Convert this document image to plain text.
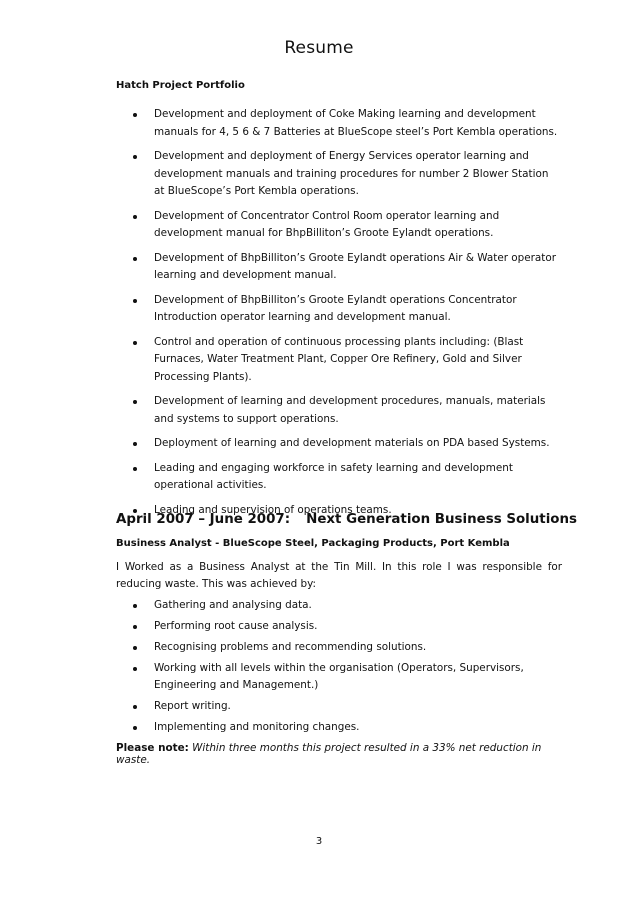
Resume
Hatch Project Portfolio
Development and deployment of Coke Making learning and development manuals for 4, 5 6 & 7 Batteries at BlueScope steel’s Port Kembla operations.
Development and deployment of Energy Services operator learning and development manuals and training procedures for number 2 Blower Station at BlueScope’s Port Kembla operations.
Development of Concentrator Control Room operator learning and development manual for BhpBilliton’s Groote Eylandt operations.
Development of BhpBilliton’s Groote Eylandt operations Air & Water operator learning and development manual.
Development of BhpBilliton’s Groote Eylandt operations Concentrator Introduction operator learning and development manual.
Control and operation of continuous processing plants including: (Blast Furnaces, Water Treatment Plant, Copper Ore Refinery, Gold and Silver Processing Plants).
Development of learning and development procedures, manuals, materials and systems to support operations.
Deployment of learning and development materials on PDA based Systems.
Leading and engaging workforce in safety learning and development operational activities.
Leading and supervision of operations teams.
April 2007 – June 2007: Next Generation Business Solutions
Business Analyst - BlueScope Steel, Packaging Products, Port Kembla
I Worked as a Business Analyst at the Tin Mill. In this role I was responsible for reducing waste. This was achieved by:
Gathering and analysing data.
Performing root cause analysis.
Recognising problems and recommending solutions.
Working with all levels within the organisation (Operators, Supervisors, Engineering and Management.)
Report writing.
Implementing and monitoring changes.
Please note: Within three months this project resulted in a 33% net reduction in waste.
3
